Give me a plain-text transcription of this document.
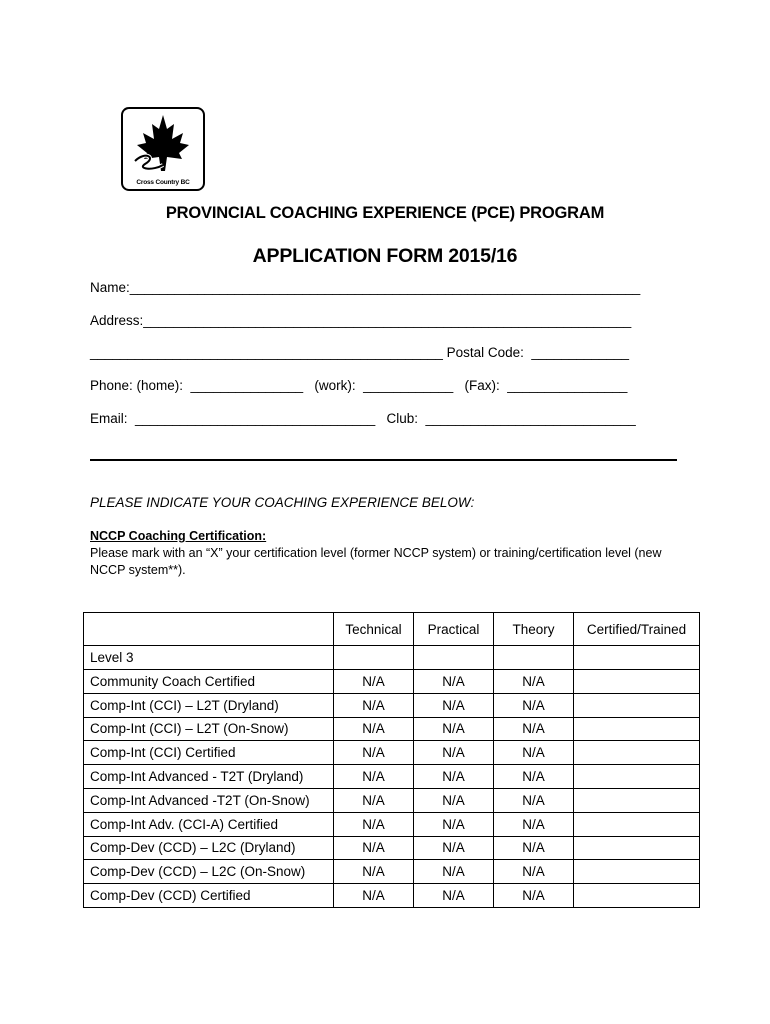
Cross Country BC
PROVINCIAL COACHING EXPERIENCE (PCE) PROGRAM
APPLICATION FORM 2015/16
Name:____________________________________________________________________
Address:_________________________________________________________________
_______________________________________________ Postal Code:  _____________
Phone: (home):  _______________   (work):  ____________   (Fax):  ________________
Email:  ________________________________   Club:  ____________________________
PLEASE INDICATE YOUR COACHING EXPERIENCE BELOW:
NCCP Coaching Certification:
Please mark with an “X” your certification level (former NCCP system) or training/certification level (new NCCP system**).
	Technical	Practical	Theory	Certified/Trained
Level 3				
Community Coach Certified	N/A	N/A	N/A	
Comp-Int (CCI) – L2T (Dryland)	N/A	N/A	N/A	
Comp-Int (CCI) – L2T (On-Snow)	N/A	N/A	N/A	
Comp-Int (CCI) Certified	N/A	N/A	N/A	
Comp-Int Advanced - T2T (Dryland)	N/A	N/A	N/A	
Comp-Int Advanced -T2T (On-Snow)	N/A	N/A	N/A	
Comp-Int Adv. (CCI-A) Certified	N/A	N/A	N/A	
Comp-Dev (CCD) – L2C (Dryland)	N/A	N/A	N/A	
Comp-Dev (CCD) – L2C (On-Snow)	N/A	N/A	N/A	
Comp-Dev (CCD) Certified	N/A	N/A	N/A	
